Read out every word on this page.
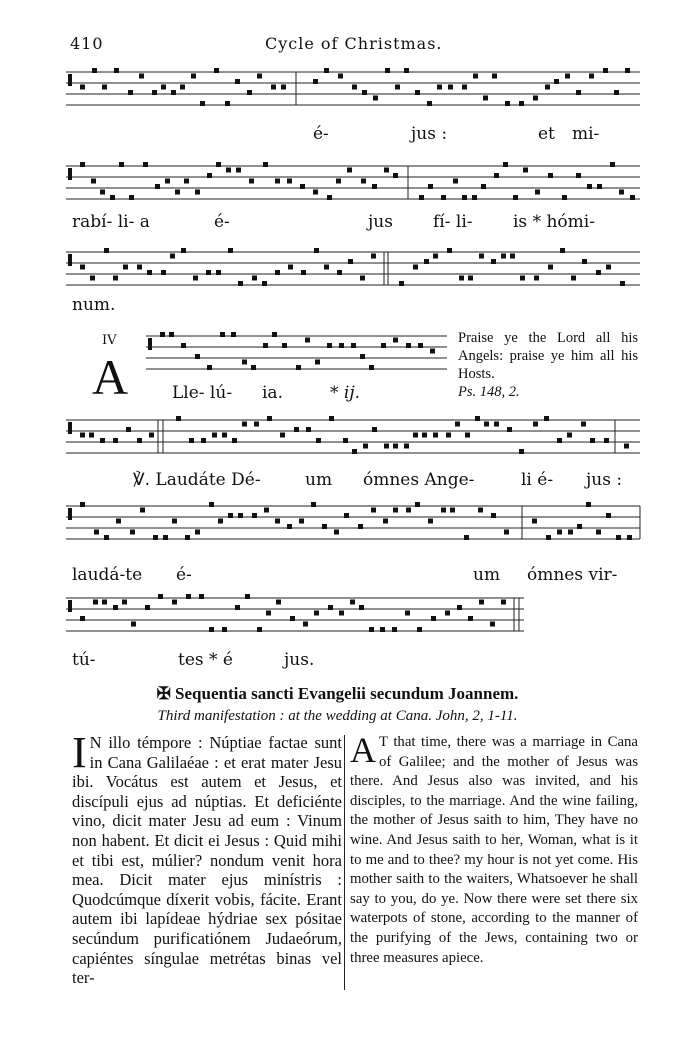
410	Cycle of Christmas.
é-	jus :	et mi-
rabí- li- a	é-	jus fí- li- is * hómi-
num.
Lle- lú- ia.	* ij.
℣. Laudáte Dé-	um ómnes Ange-	li é- jus :
laudá-te é-	um ómnes vir-
tú-	tes * é	jus.
IV
A
Praise ye the Lord all his Angels: praise ye him all his Hosts.
Ps. 148, 2.
✠ Sequentia sancti Evangelii secundum Joannem.
Third manifestation : at the wedding at Cana. John, 2, 1-11.
I N illo témpore : Núptiae factae sunt in Cana Galilaéae : et erat mater Jesu ibi. Vocátus est autem et Jesus, et discípuli ejus ad núptias. Et deficiénte vino, dicit mater Jesu ad eum : Vinum non habent. Et dicit ei Jesus : Quid mihi et tibi est, múlier? nondum venit hora mea. Dicit mater ejus minístris : Quodcúmque díxerit vobis, fácite. Erant autem ibi lapídeae hýdriae sex pósitae secúndum purificatiónem Judaeórum, capiéntes síngulae metrétas binas vel ter-
A T that time, there was a marriage in Cana of Galilee; and the mother of Jesus was there. And Jesus also was invited, and his disciples, to the marriage. And the wine failing, the mother of Jesus saith to him, They have no wine. And Jesus saith to her, Woman, what is it to me and to thee? my hour is not yet come. His mother saith to the waiters, Whatsoever he shall say to you, do ye. Now there were set there six waterpots of stone, according to the manner of the purifying of the Jews, containing two or three measures apiece.
